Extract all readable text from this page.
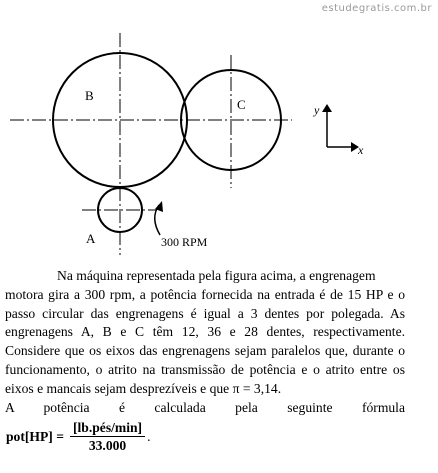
estudegratis.com.br
B
C
A	300 RPM
y
x

Na máquina representada pela figura acima, a engrenagem

motora gira a 300 rpm, a potência fornecida na entrada é de 15 HP e o passo circular das engrenagens é igual a 3 dentes por polegada. As engrenagens A, B e C têm 12, 36 e 28 dentes, respectivamente. Considere que os eixos das engrenagens sejam paralelos que, durante o funcionamento, o atrito na transmissão de potência e o atrito entre os eixos e mancais sejam desprezíveis e que π = 3,14.

A potência é calculada pela seguinte fórmula

$pot[HP] = \frac{\text{[lb.pés/min]}}{33.000}$ .
